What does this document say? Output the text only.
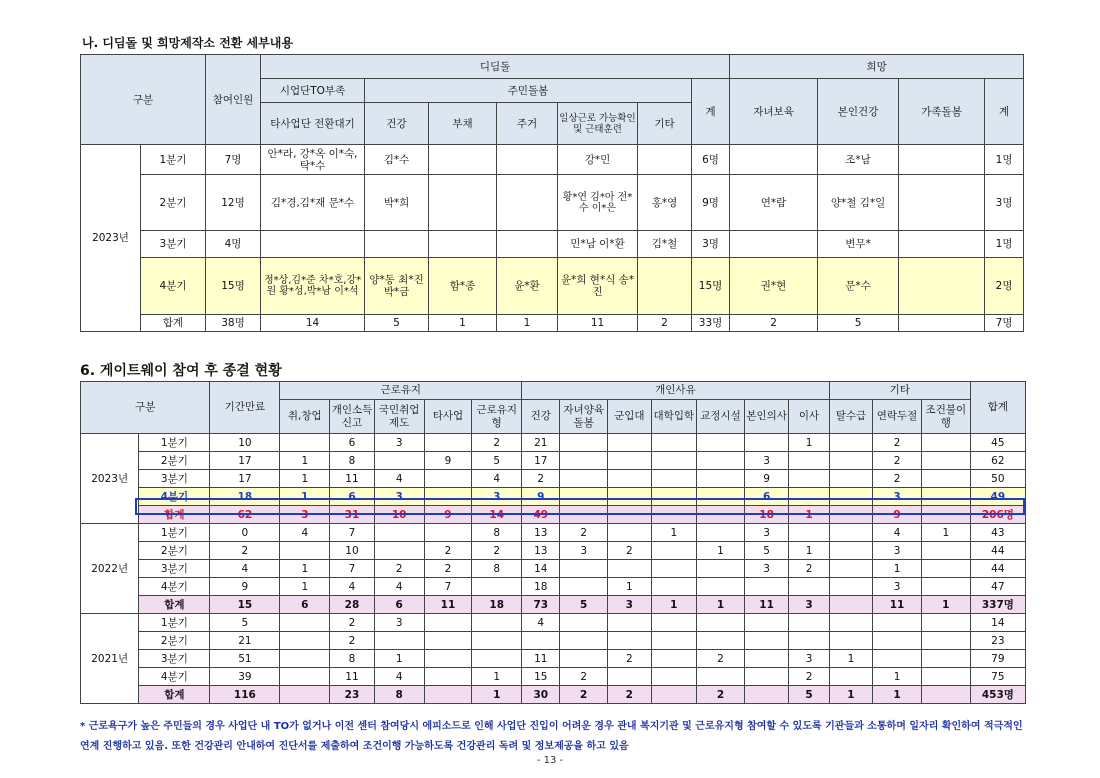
나. 디딤돌 및 희망제작소 전환 세부내용
구분		참여인원	디딤돌							희망			
			시업단TO부족	주민돌봄					계	자녀보육	본인건강	가족돌봄	계
			타사업단 전환대기	건강	부채	주거	일상근로 가능확인 및 근태훈련	기타					
2023년	1분기	7명	안*라, 강*옥 이*숙, 탁*수	김*수			강*민		6명		조*남		1명
	2분기	12명	김*경,김*재 문*수	박*희			황*연 김*아 전*수 이*은	홍*영	9명	연*람	양*철 김*일		3명
	3분기	4명					민*남 이*환	김*철	3명		변무*		1명
	4분기	15명	정*상,김*준 차*호,강*원 황*성,박*남 이*석	양*동 최*진 박*금	함*종	윤*환	윤*희 현*식 송*진		15명	권*현	문*수		2명
	합계	38명	14	5	1	1	11	2	33명	2	5		7명
6. 게이트웨이 참여 후 종결 현황
구분		기간만료	근로유지					개인사유							기타			합계
			취,창업	개인소득신고	국민취업제도	타사업	근로유지형	건강	자녀양육돌봄	군입대	대학입학	교정시설	본인의사	이사	탈수급	연락두절	조건불이행	
2023년	1분기	10		6	3		2	21						1		2		45
	2분기	17	1	8		9	5	17					3			2		62
	3분기	17	1	11	4		4	2					9			2		50
	4분기	18	1	6	3		3	9					6			3		49
	합계	62	3	31	10	9	14	49					18	1		9		206명
2022년	1분기	0	4	7			8	13	2		1		3			4	1	43
	2분기	2		10		2	2	13	3	2		1	5	1		3		44
	3분기	4	1	7	2	2	8	14					3	2		1		44
	4분기	9	1	4	4	7		18		1						3		47
	합계	15	6	28	6	11	18	73	5	3	1	1	11	3		11	1	337명
2021년	1분기	5		2	3			4										14
	2분기	21		2														23
	3분기	51		8	1			11		2		2		3	1			79
	4분기	39		11	4		1	15	2					2		1		75
	합계	116		23	8		1	30	2	2		2		5	1	1		453명
* 근로욕구가 높은 주민들의 경우 사업단 내 TO가 없거나 이전 센터 참여당시 에피소드로 인해 사업단 진입이 어려운 경우 관내 복지기관 및 근로유지형 참여할 수 있도록 기관들과 소통하며 일자리 확인하여 적극적인 연계 진행하고 있음. 또한 건강관리 안내하여 진단서를 제출하여 조건이행 가능하도록 건강관리 독려 및 정보제공을 하고 있음
- 13 -
